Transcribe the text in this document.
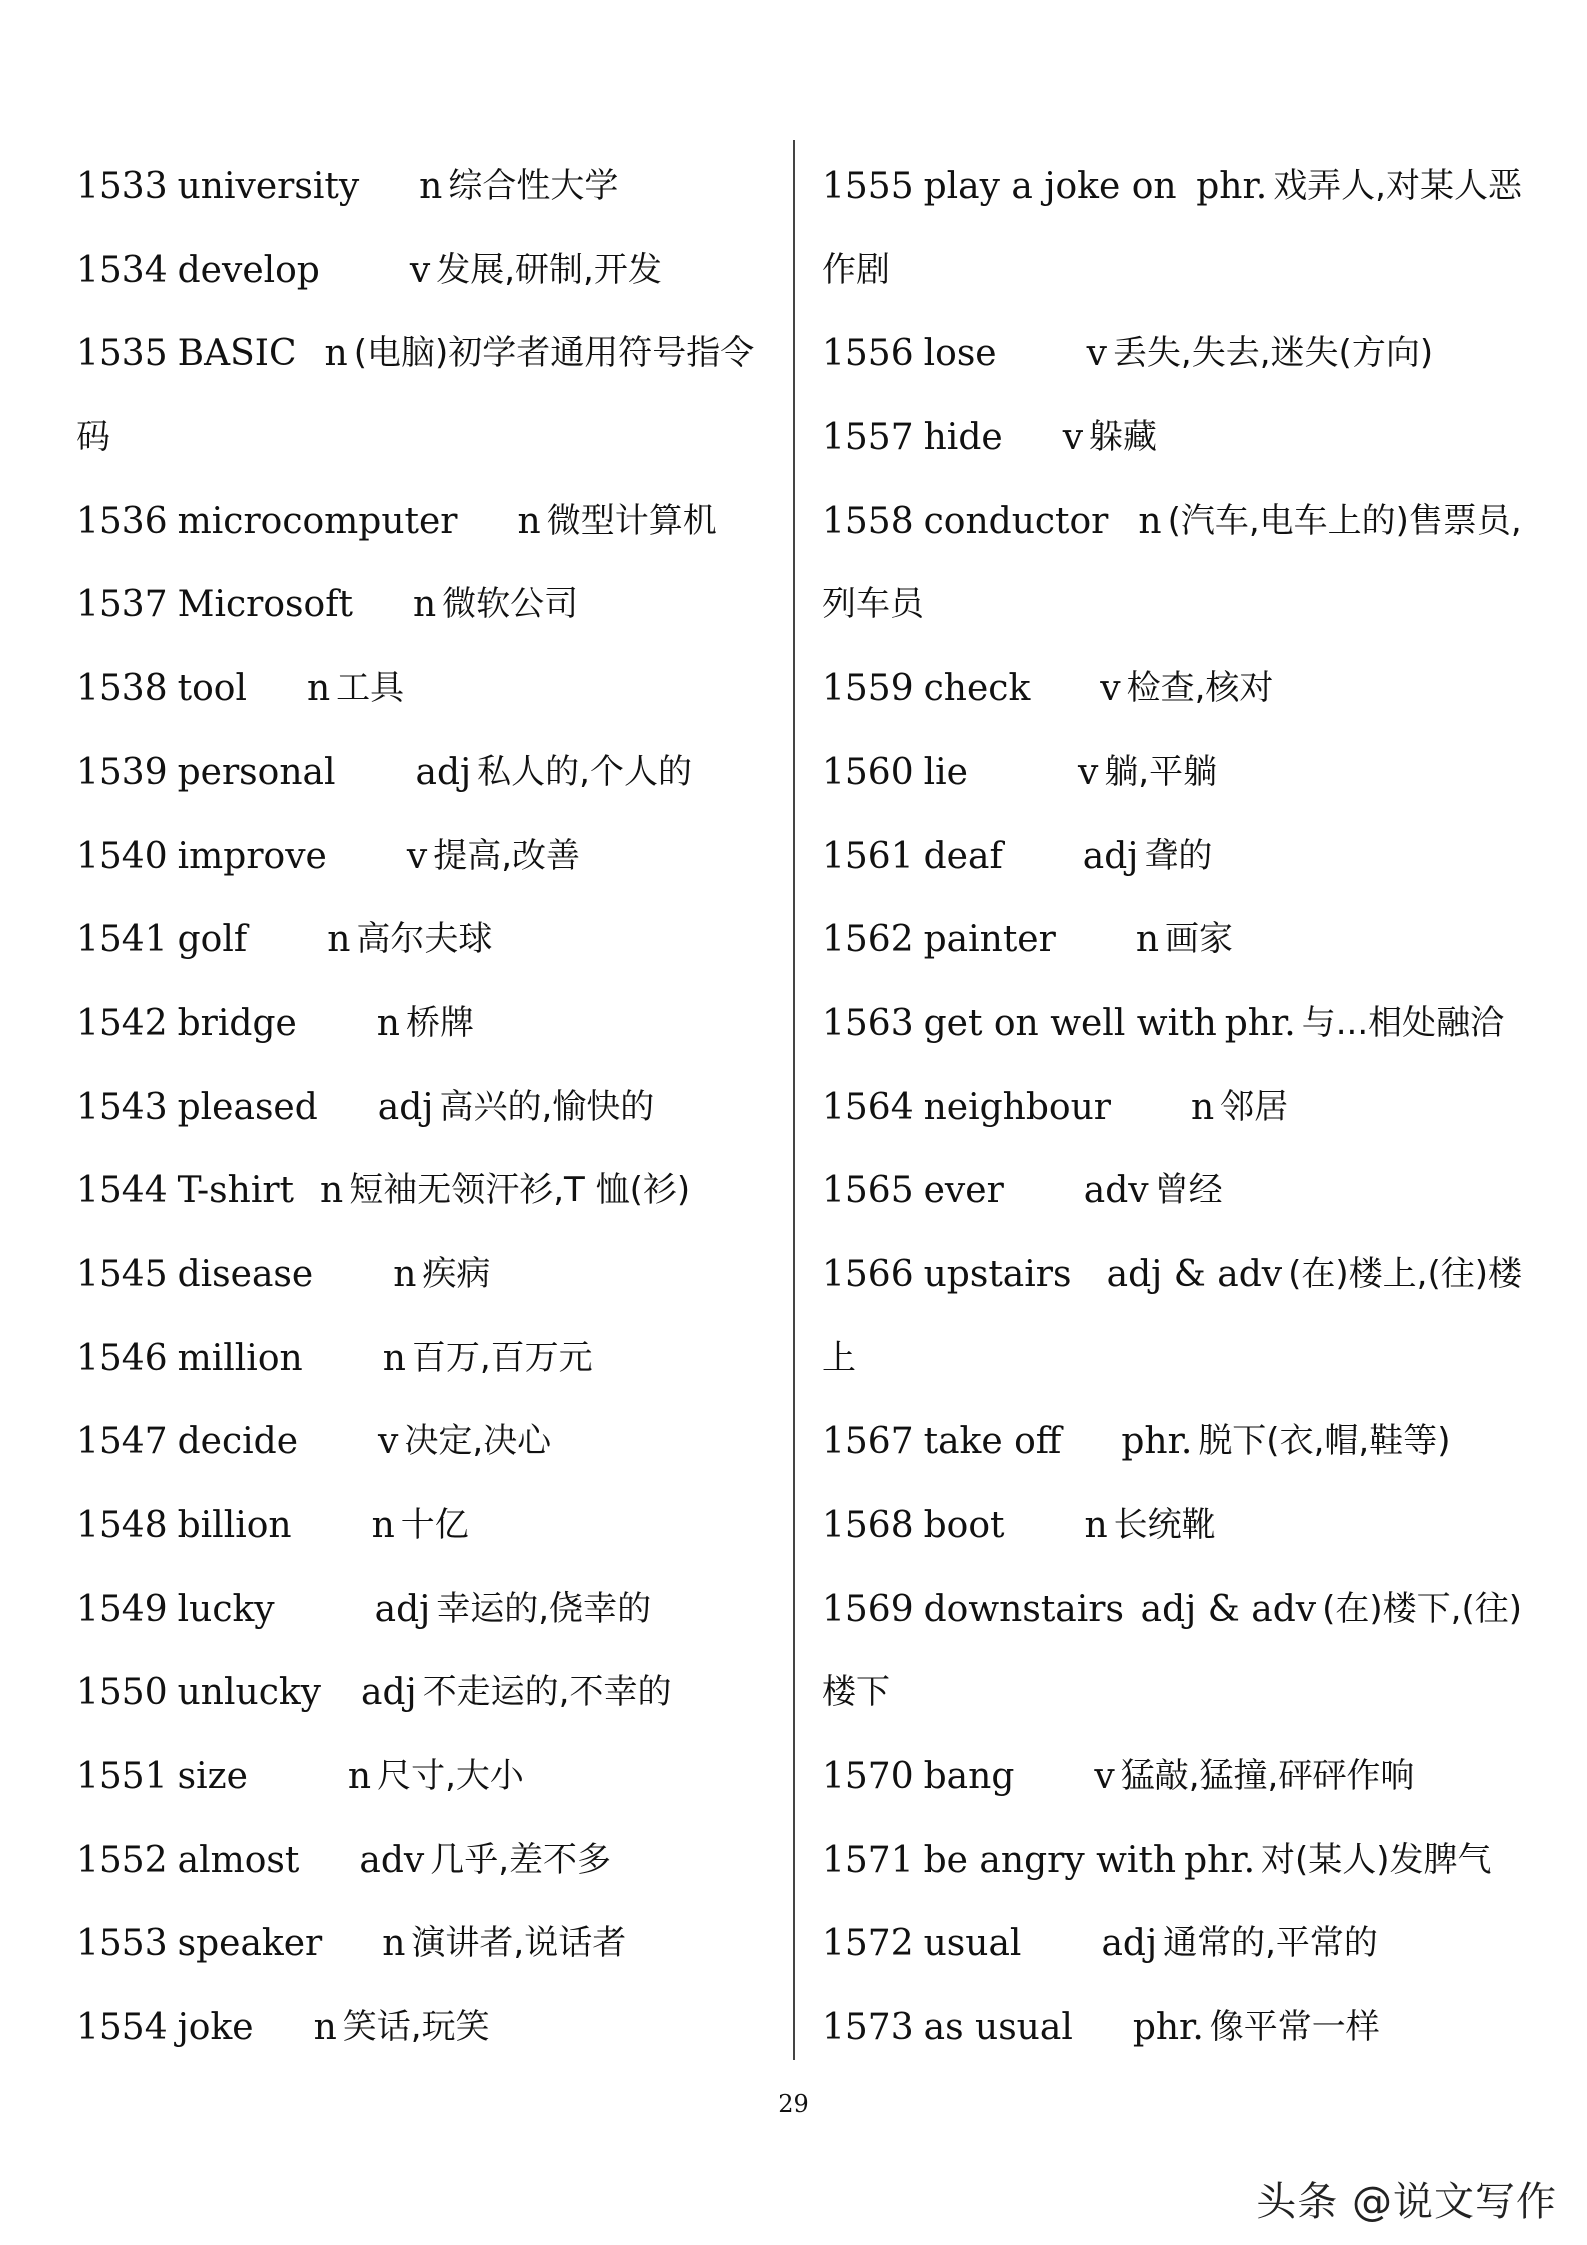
1533 university n 综合性大学
1534 develop	v 发展,研制,开发
1535 BASIC n (电脑)初学者通用符号指令
码
1536 microcomputer n 微型计算机
1537 Microsoft n 微软公司
1538 tool n 工具
1539 personal adj 私人的,个人的
1540 improve v 提高,改善
1541 golf n 高尔夫球
1542 bridge n 桥牌
1543 pleased adj 高兴的,愉快的
1544 T-shirt n 短袖无领汗衫,T 恤(衫)
1545 disease n 疾病
1546 million n 百万,百万元
1547 decide v 决定,决心
1548 billion n 十亿
1549 lucky	adj 幸运的,侥幸的
1550 unlucky adj 不走运的,不幸的
1551 size	n 尺寸,大小
1552 almost adv 几乎,差不多
1553 speaker n 演讲者,说话者
1554 joke n 笑话,玩笑
1555 play a joke on phr. 戏弄人,对某人恶
作剧
1556 lose	v 丢失,失去,迷失(方向)
1557 hide v 躲藏
1558 conductor n (汽车,电车上的)售票员,
列车员
1559 check v 检查,核对
1560 lie	v 躺,平躺
1561 deaf adj 聋的
1562 painter n 画家
1563 get on well with phr. 与...相处融洽
1564 neighbour n 邻居
1565 ever adv 曾经
1566 upstairs adj & adv (在)楼上,(往)楼
上
1567 take off phr. 脱下(衣,帽,鞋等)
1568 boot n 长统靴
1569 downstairs adj & adv (在)楼下,(往)
楼下
1570 bang v 猛敲,猛撞,砰砰作响
1571 be angry with phr. 对(某人)发脾气
1572 usual adj 通常的,平常的
1573 as usual phr. 像平常一样
29
头条 @说文写作
